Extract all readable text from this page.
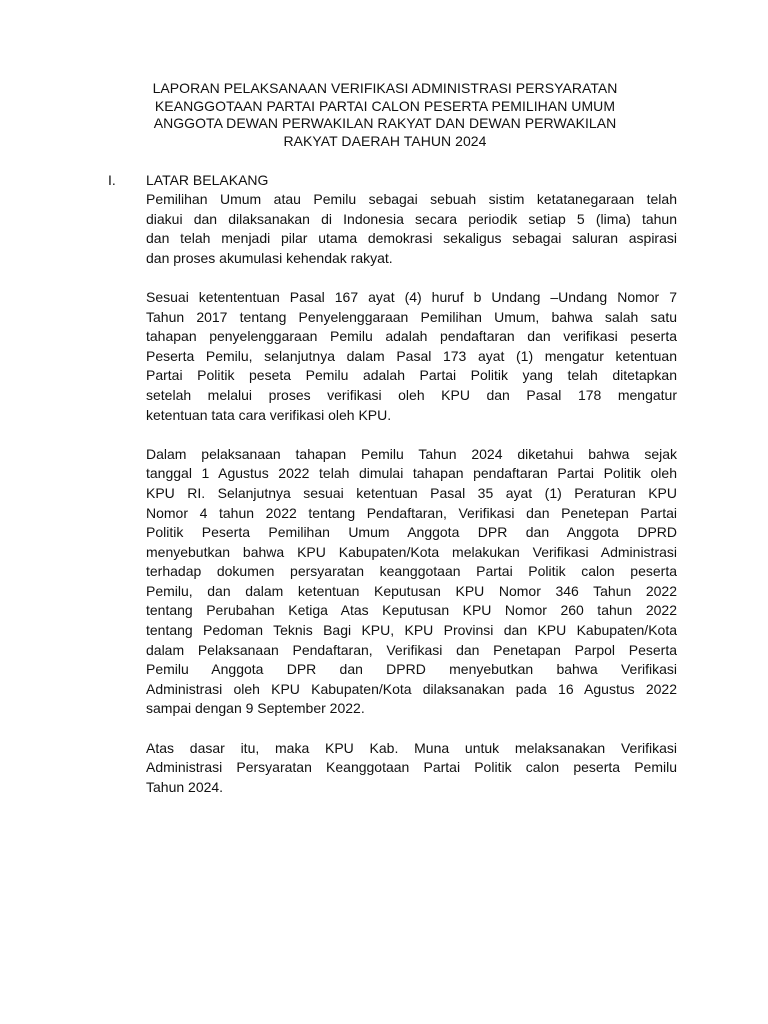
LAPORAN PELAKSANAAN VERIFIKASI ADMINISTRASI PERSYARATAN
KEANGGOTAAN PARTAI PARTAI CALON PESERTA PEMILIHAN UMUM
ANGGOTA DEWAN PERWAKILAN RAKYAT DAN DEWAN PERWAKILAN
RAKYAT DAERAH TAHUN 2024
I. LATAR BELAKANG

Pemilihan Umum atau Pemilu sebagai sebuah sistim ketatanegaraan telah
diakui dan dilaksanakan di Indonesia secara periodik setiap 5 (lima) tahun
dan telah menjadi pilar utama demokrasi sekaligus sebagai saluran aspirasi
dan proses akumulasi kehendak rakyat.

Sesuai ketententuan Pasal 167 ayat (4) huruf b Undang –Undang Nomor 7
Tahun 2017 tentang Penyelenggaraan Pemilihan Umum, bahwa salah satu
tahapan penyelenggaraan Pemilu adalah pendaftaran dan verifikasi peserta
Peserta Pemilu, selanjutnya dalam Pasal 173 ayat (1) mengatur ketentuan
Partai Politik peseta Pemilu adalah Partai Politik yang telah ditetapkan
setelah melalui proses verifikasi oleh KPU dan Pasal 178 mengatur
ketentuan tata cara verifikasi oleh KPU.

Dalam pelaksanaan tahapan Pemilu Tahun 2024 diketahui bahwa sejak
tanggal 1 Agustus 2022 telah dimulai tahapan pendaftaran Partai Politik oleh
KPU RI. Selanjutnya sesuai ketentuan Pasal 35 ayat (1) Peraturan KPU
Nomor 4 tahun 2022 tentang Pendaftaran, Verifikasi dan Penetepan Partai
Politik Peserta Pemilihan Umum Anggota DPR dan Anggota DPRD
menyebutkan bahwa KPU Kabupaten/Kota melakukan Verifikasi Administrasi
terhadap dokumen persyaratan keanggotaan Partai Politik calon peserta
Pemilu, dan dalam ketentuan Keputusan KPU Nomor 346 Tahun 2022
tentang Perubahan Ketiga Atas Keputusan KPU Nomor 260 tahun 2022
tentang Pedoman Teknis Bagi KPU, KPU Provinsi dan KPU Kabupaten/Kota
dalam Pelaksanaan Pendaftaran, Verifikasi dan Penetapan Parpol Peserta
Pemilu Anggota DPR dan DPRD menyebutkan bahwa Verifikasi
Administrasi oleh KPU Kabupaten/Kota dilaksanakan pada 16 Agustus 2022
sampai dengan 9 September 2022.

Atas dasar itu, maka KPU Kab. Muna untuk melaksanakan Verifikasi
Administrasi Persyaratan Keanggotaan Partai Politik calon peserta Pemilu
Tahun 2024.
